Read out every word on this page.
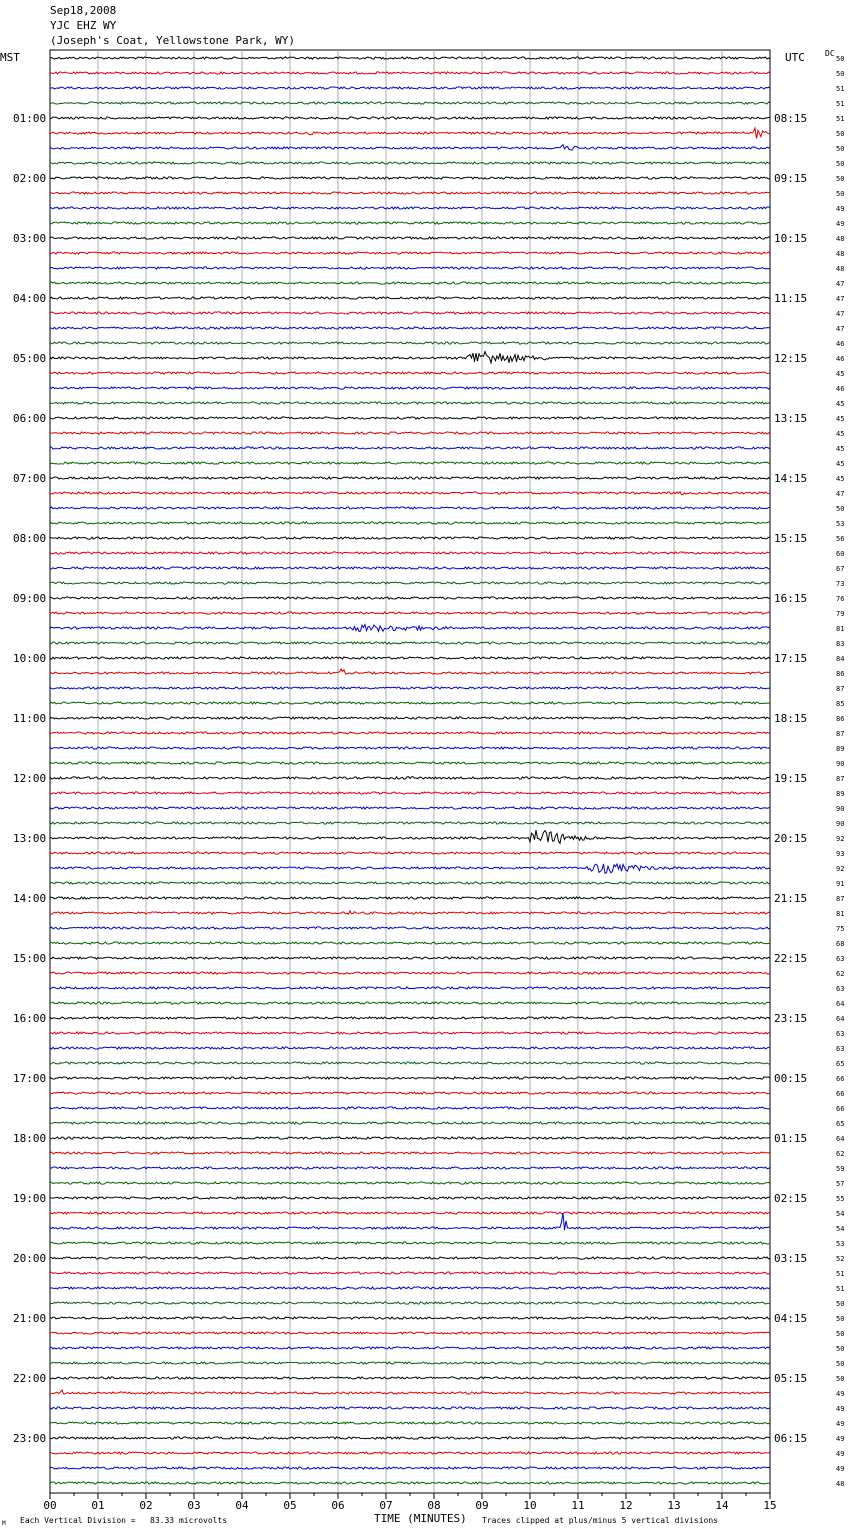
Sep18,2008
YJC EHZ WY
(Joseph's Coat, Yellowstone Park, WY)
MST	UTC	DC
01:00
02:00
03:00
04:00
05:00
06:00
07:00
08:00
09:00
10:00
11:00
12:00
13:00
14:00
15:00
16:00
17:00
18:00
19:00
20:00
21:00
22:00
23:00
08:15
09:15
10:15
11:15
12:15
13:15
14:15
15:15
16:15
17:15
18:15
19:15
20:15
21:15
22:15
23:15
00:15
01:15
02:15
03:15
04:15
05:15
06:15
50
50
51
51
51
50
50
50
50
50
49
49
48
48
48
47
47
47
47
46
46
45
46
45
45
45
45
45
45
47
50
53
56
60
67
73
76
79
81
83
84
86
87
85
86
87
89
90
87
89
90
90
92
93
92
91
87
81
75
68
63
62
63
64
64
63
63
65
66
66
66
65
64
62
59
57
55
54
54
53
52
51
51
50
50
50
50
50
50
49
49
49
49
49
49
48
00	01	02	03	04	05	06	07	08	09	10	11	12	13	14	15
Each Vertical Division =   83.33 microvolts	TIME (MINUTES) Traces clipped at plus/minus 5 vertical divisions
M
